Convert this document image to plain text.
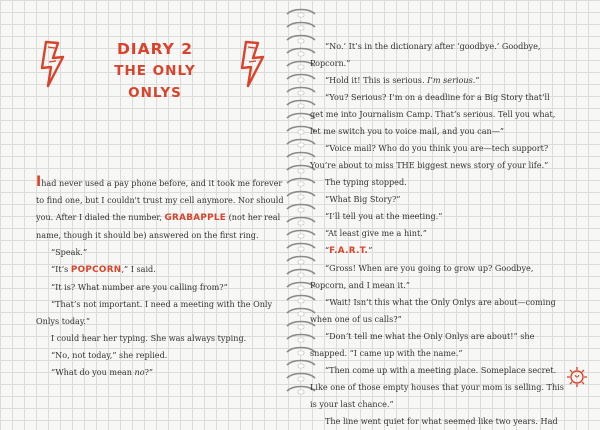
DIARY 2
THE ONLY ONLYS

Ihad never used a pay phone before, and it took me forever to find one, but I couldn't trust my cell anymore. Nor should you. After I dialed the number, GRABAPPLE (not her real name, though it should be) answered on the first ring.

“Speak.”

“It’s POPCORN,” I said.

“It is? What number are you calling from?”

“That’s not important. I need a meeting with the Only Onlys today.”

I could hear her typing. She was always typing.

“No, not today,” she replied.

“What do you mean no?”

“No.’ It’s in the dictionary after ‘goodbye.’ Goodbye, Popcorn.”

“Hold it! This is serious. I’m serious.”

“You? Serious? I’m on a deadline for a Big Story that’ll get me into Journalism Camp. That’s serious. Tell you what, let me switch you to voice mail, and you can—”

“Voice mail? Who do you think you are—tech support? You’re about to miss THE biggest news story of your life.”

The typing stopped.

“What Big Story?”

“I’ll tell you at the meeting.”

“At least give me a hint.”

“F.A.R.T.”

“Gross! When are you going to grow up? Goodbye, Popcorn, and I mean it.”

“Wait! Isn’t this what the Only Onlys are about—coming when one of us calls?”

“Don’t tell me what the Only Onlys are about!” she snapped. “I came up with the name.”

“Then come up with a meeting place. Someplace secret. Like one of those empty houses that your mom is selling. This is your last chance.”

The line went quiet for what seemed like two years. Had
